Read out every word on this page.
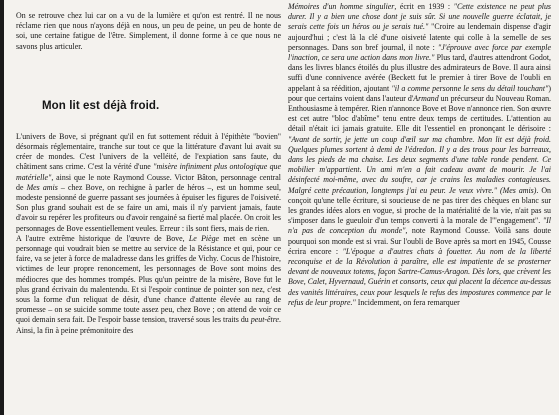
On se retrouve chez lui car on a vu de la lumière et qu'on est rentré. Il ne nous réclame rien que nous n'ayons déjà en nous, un peu de peine, un peu de honte de soi, une certaine fatigue de l'être. Simplement, il donne forme à ce que nous ne savons plus articuler.

Mon lit est déjà froid.

L'univers de Bove, si prégnant qu'il en fut sottement réduit à l'épithète "bovien" désormais réglementaire, tranche sur tout ce que la littérature d'avant lui avait su créer de mondes. C'est l'univers de la velléité, de l'expiation sans faute, du châtiment sans crime. C'est la vérité d'une "misère infiniment plus ontologique que matérielle", ainsi que le note Raymond Cousse. Victor Bâton, personnage central de Mes amis – chez Bove, on rechigne à parler de héros –, est un homme seul, modeste pensionné de guerre passant ses journées à épuiser les figures de l'oisiveté. Son plus grand souhait est de se faire un ami, mais il n'y parvient jamais, faute d'avoir su repérer les profiteurs ou d'avoir rengainé sa fierté mal placée. On croit les personnages de Bove essentiellement veules. Erreur : ils sont fiers, mais de rien.

A l'autre extrême historique de l'œuvre de Bove, Le Piège met en scène un personnage qui voudrait bien se mettre au service de la Résistance et qui, pour ce faire, va se jeter à force de maladresse dans les griffes de Vichy. Cocus de l'histoire, victimes de leur propre renoncement, les personnages de Bove sont moins des médiocres que des hommes trompés. Plus qu'un peintre de la misère, Bove fut le plus grand écrivain du malentendu. Et si l'espoir continue de pointer son nez, c'est sous la forme d'un reliquat de désir, d'une chance d'attente élevée au rang de promesse – on se suicide somme toute assez peu, chez Bove ; on attend de voir ce quoi demain sera fait. De l'espoir basse tension, traversé sous les traits du peut-être. Ainsi, la fin à peine prémonitoire des

Mémoires d'un homme singulier, écrit en 1939 : "Cette existence ne peut plus durer. Il y a bien une chose dont je suis sûr. Si une nouvelle guerre éclatait, je serais cette fois un héros ou je serais tué." "Croire au lendemain dispense d'agir aujourd'hui ; c'est là la clé d'une oisiveté latente qui colle à la semelle de ses personnages. Dans son bref journal, il note : "J'éprouve avec force par exemple l'inaction, ce sera une action dans mon livre." Plus tard, d'autres attendront Godot, dans les livres blancs étoilés du plus illustre des admirateurs de Bove. Il aura ainsi suffi d'une connivence avérée (Beckett fut le premier à tirer Bove de l'oubli en appelant à sa réédition, ajoutant "il a comme personne le sens du détail touchant") pour que certains voient dans l'auteur d'Armand un précurseur du Nouveau Roman. Enthousiasme à tempérer. Rien n'annonce Bove et Bove n'annonce rien. Son œuvre est cet autre "bloc d'abîme" tenu entre deux temps de certitudes. L'attention au détail n'était ici jamais gratuite. Elle dit l'essentiel en prononçant le dérisoire : "Avant de sortir, je jette un coup d'œil sur ma chambre. Mon lit est déjà froid. Quelques plumes sortent à demi de l'édredon. Il y a des trous pour les barreaux, dans les pieds de ma chaise. Les deux segments d'une table ronde pendent. Ce mobilier m'appartient. Un ami m'en a fait cadeau avant de mourir. Je l'ai désinfecté moi-même, avec du soufre, car je crains les maladies contagieuses. Malgré cette précaution, longtemps j'ai eu peur. Je veux vivre." (Mes amis). On conçoit qu'une telle écriture, si soucieuse de ne pas tirer des chèques en blanc sur les grandes idées alors en vogue, si proche de la matérialité de la vie, n'ait pas su s'imposer dans le gueuloir d'un temps converti à la morale de l'"engagement". "Il n'a pas de conception du monde", note Raymond Cousse. Voilà sans doute pourquoi son monde est si vrai. Sur l'oubli de Bove après sa mort en 1945, Cousse écrira encore : "L'époque a d'autres chats à fouetter. Au nom de la liberté reconquise et de la Révolution à paraître, elle est impatiente de se prosterner devant de nouveaux totems, façon Sartre-Camus-Aragon. Dès lors, que crèvent les Bove, Calet, Hyvernaud, Guérin et consorts, ceux qui placent la décence au-dessus des vanités littéraires, ceux pour lesquels le refus des impostures commence par le refus de leur propre." Incidemment, on fera remarquer
